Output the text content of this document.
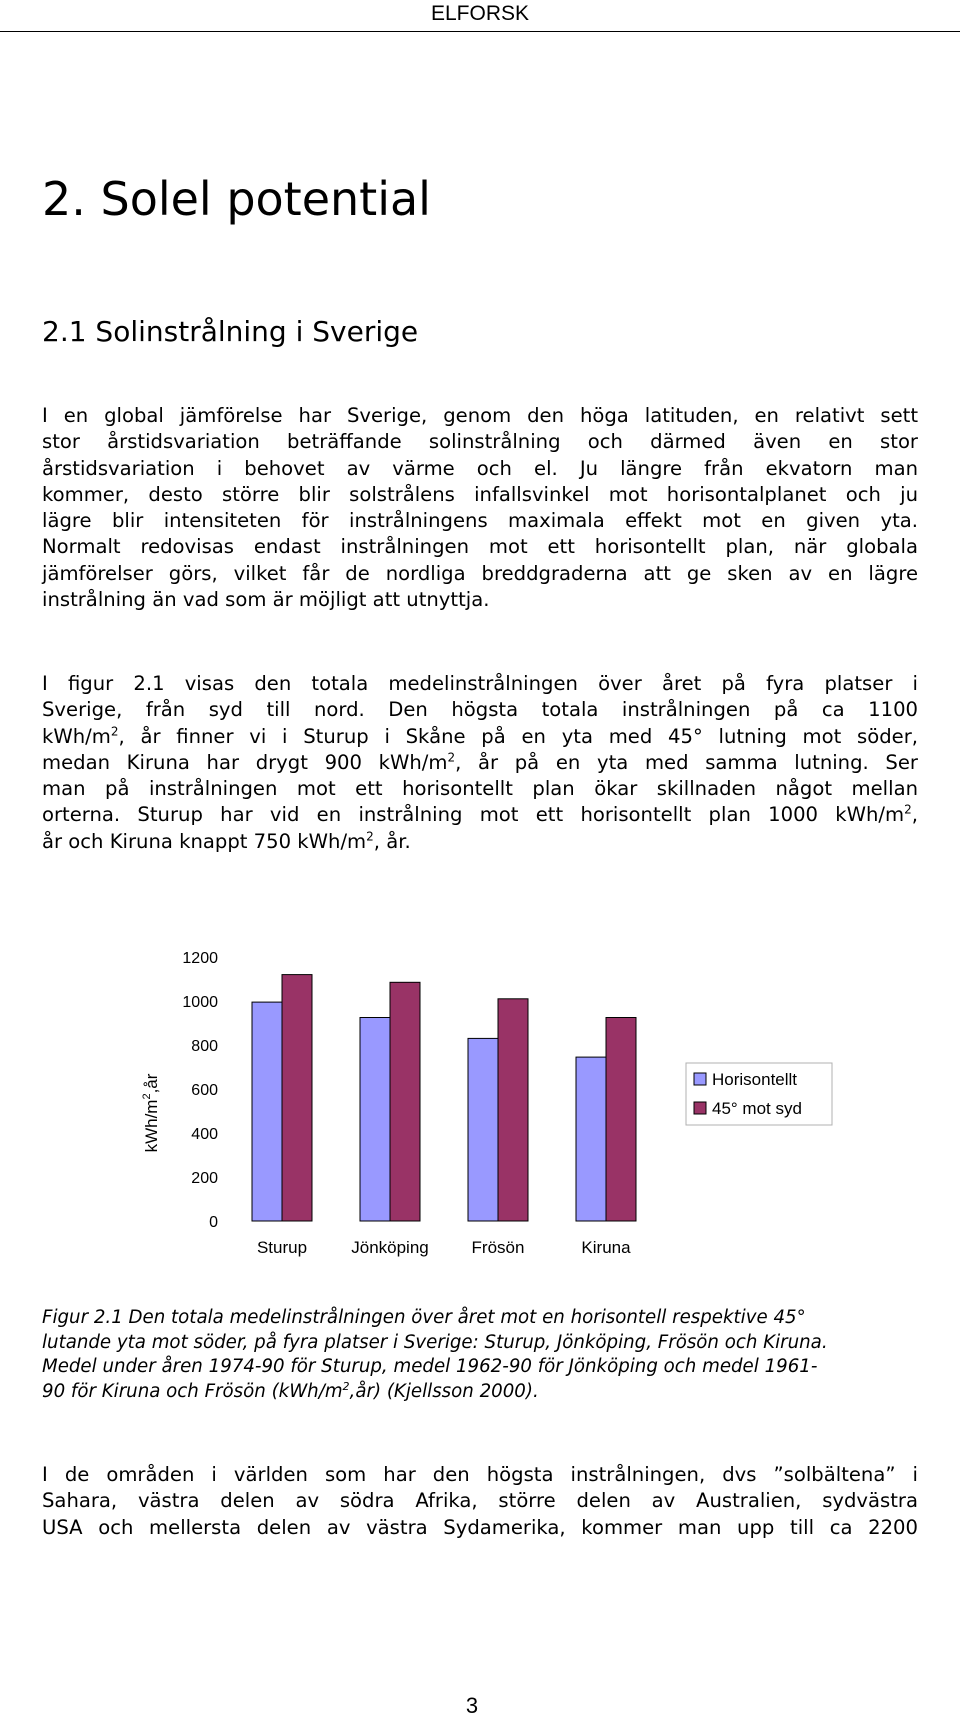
ELFORSK
2. Solel potential
2.1 Solinstrålning i Sverige
I en global jämförelse har Sverige, genom den höga latituden, en relativt sett
stor årstidsvariation beträffande solinstrålning och därmed även en stor
årstidsvariation i behovet av värme och el. Ju längre från ekvatorn man
kommer, desto större blir solstrålens infallsvinkel mot horisontalplanet och ju
lägre blir intensiteten för instrålningens maximala effekt mot en given yta.
Normalt redovisas endast instrålningen mot ett horisontellt plan, när globala
jämförelser görs, vilket får de nordliga breddgraderna att ge sken av en lägre
instrålning än vad som är möjligt att utnyttja.
I figur 2.1 visas den totala medelinstrålningen över året på fyra platser i
Sverige, från syd till nord. Den högsta totala instrålningen på ca 1100
kWh/$m^2$, år finner vi i Sturup i Skåne på en yta med 45° lutning mot söder,
medan Kiruna har drygt 900 kWh/$m^2$, år på en yta med samma lutning. Ser
man på instrålningen mot ett horisontellt plan ökar skillnaden något mellan
orterna. Sturup har vid en instrålning mot ett horisontellt plan 1000 kWh/$m^2$,
år och Kiruna knappt 750 kWh/$m^2$, år.
0
200
400
600
800
1000
1200
Sturup	Jönköping	Frösön	Kiruna
kWh/$m^2,år$	Horisontellt
45° mot syd
Figur 2.1 Den totala medelinstrålningen över året mot en horisontell respektive 45°
lutande yta mot söder, på fyra platser i Sverige: Sturup, Jönköping, Frösön och Kiruna.
Medel under åren 1974-90 för Sturup, medel 1962-90 för Jönköping och medel 1961-
90 för Kiruna och Frösön $(kWh/m^2,år)$ (Kjellsson 2000).
I de områden i världen som har den högsta instrålningen, dvs ”solbältena” i
Sahara, västra delen av södra Afrika, större delen av Australien, sydvästra
USA och mellersta delen av västra Sydamerika, kommer man upp till ca 2200
3
